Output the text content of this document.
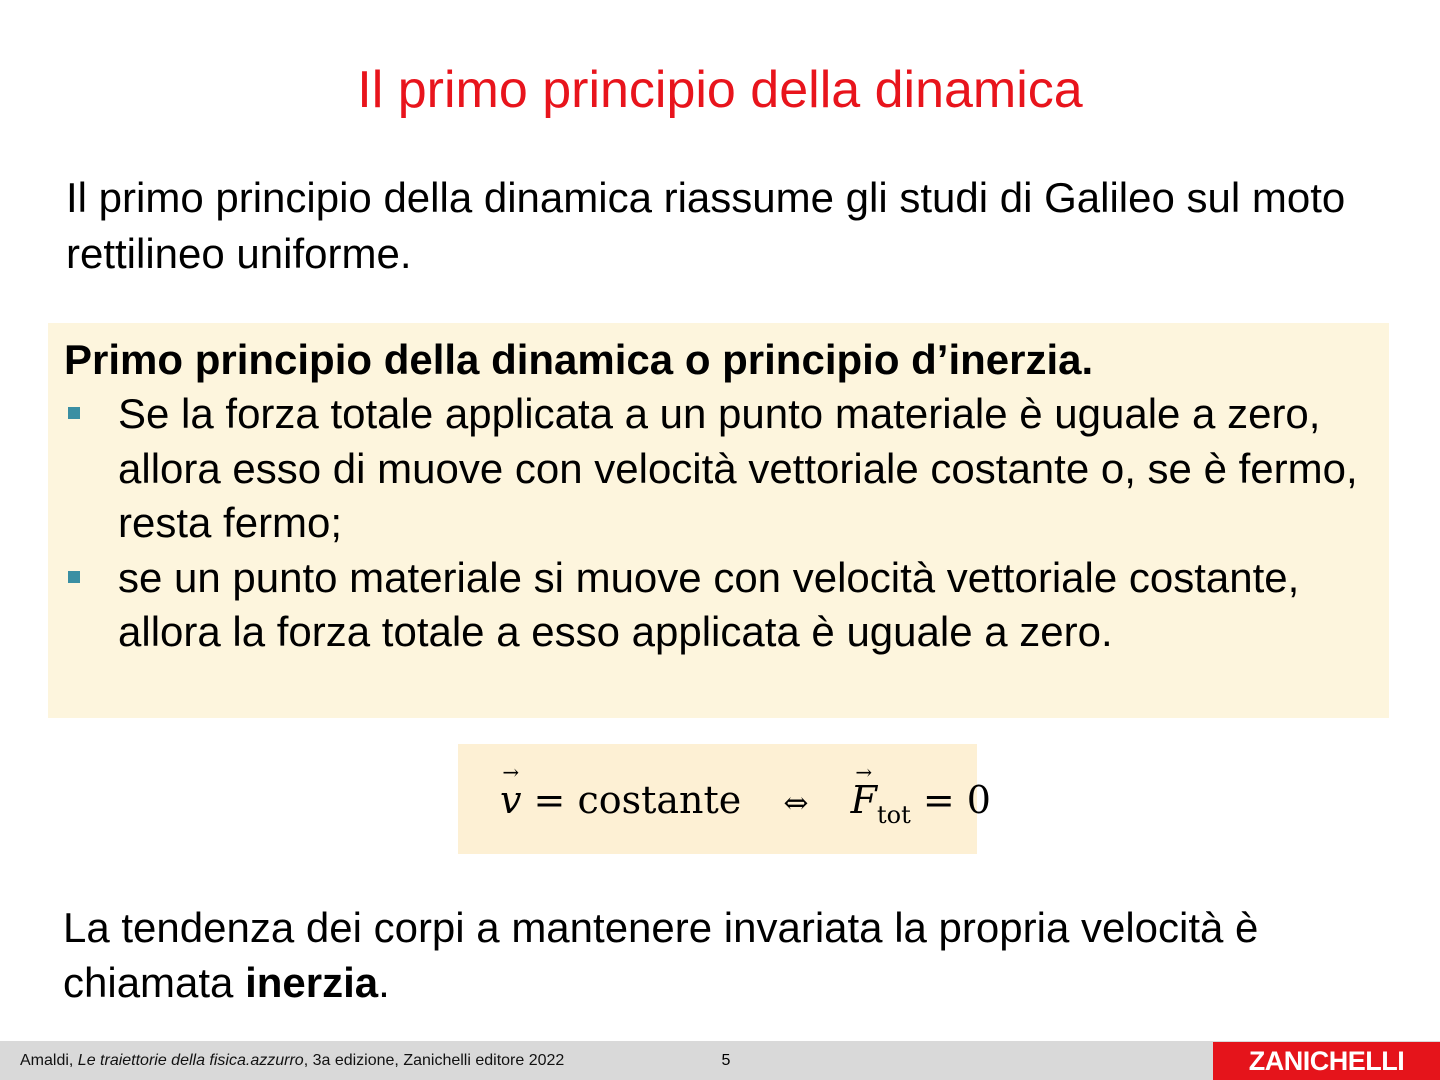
Il primo principio della dinamica
Il primo principio della dinamica riassume gli studi di Galileo sul moto rettilineo uniforme.
Primo principio della dinamica o principio d’inerzia.
Se la forza totale applicata a un punto materiale è uguale a zero, allora esso di muove con velocità vettoriale costante o, se è fermo, resta fermo;
se un punto materiale si muove con velocità vettoriale costante, allora la forza totale a esso applicata è uguale a zero.
→
v = costante ⇔
→
$F_{tot} = 0$
La tendenza dei corpi a mantenere invariata la propria velocità è chiamata inerzia.
Amaldi, Le traiettorie della fisica.azzurro, 3a edizione, Zanichelli editore 2022	5	ZANICHELLI
